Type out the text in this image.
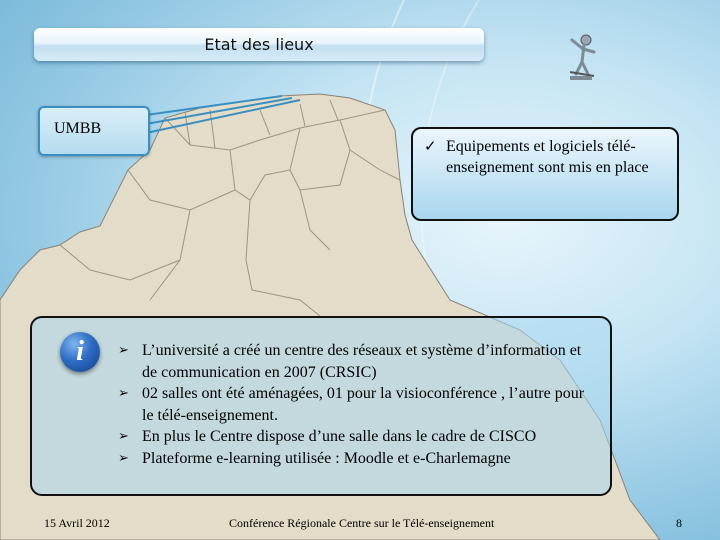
Etat des lieux
UMBB
✓ Equipements et logiciels télé-enseignement sont mis en place
i	➢ L’université a créé un centre des réseaux et système d’information et de communication en 2007 (CRSIC)
➢ 02 salles ont été aménagées, 01 pour la visioconférence , l’autre pour le télé-enseignement.
➢ En plus le Centre dispose d’une salle dans le cadre de CISCO
➢ Plateforme e-learning utilisée : Moodle et e-Charlemagne
15 Avril 2012	Conférence Régionale Centre sur le Télé-enseignement	8
